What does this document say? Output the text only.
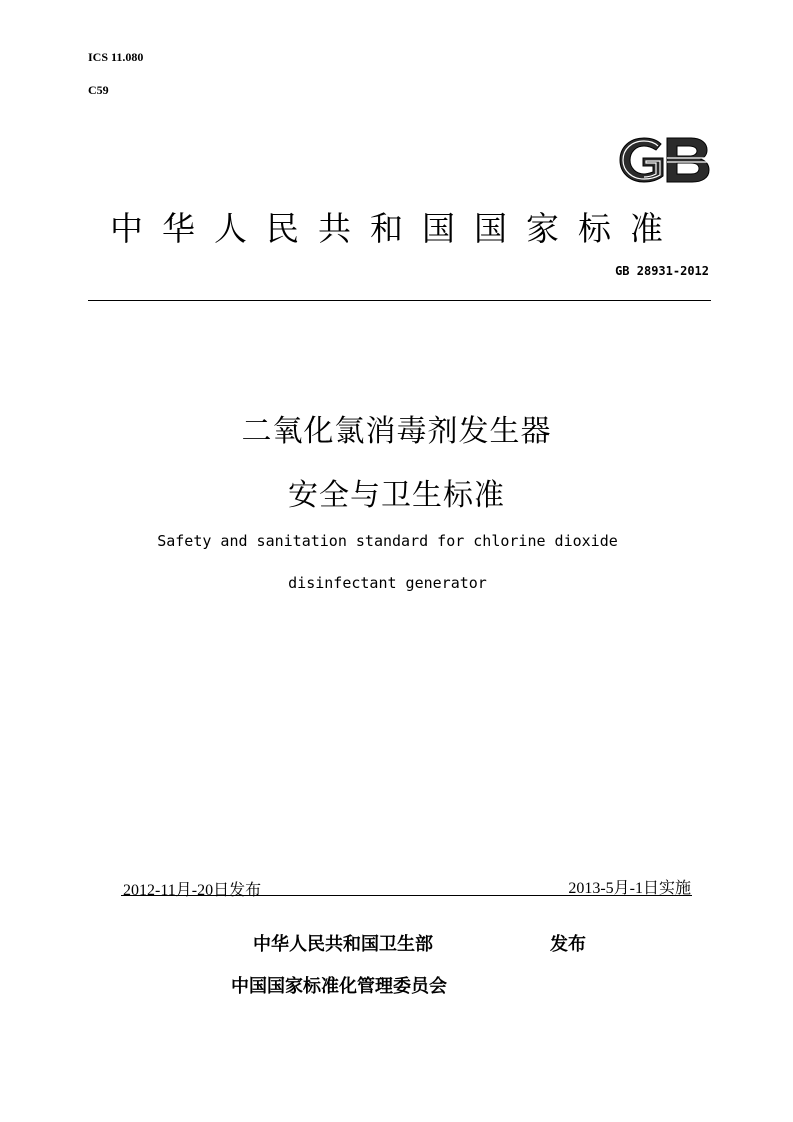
ICS 11.080
C59
中华人民共和国国家标准
GB 28931-2012
二氧化氯消毒剂发生器
安全与卫生标准
Safety and sanitation standard for chlorine dioxide
disinfectant generator
2012-11月-20日发布	2013-5月-1日实施
中华人民共和国卫生部	发布
中国国家标准化管理委员会
